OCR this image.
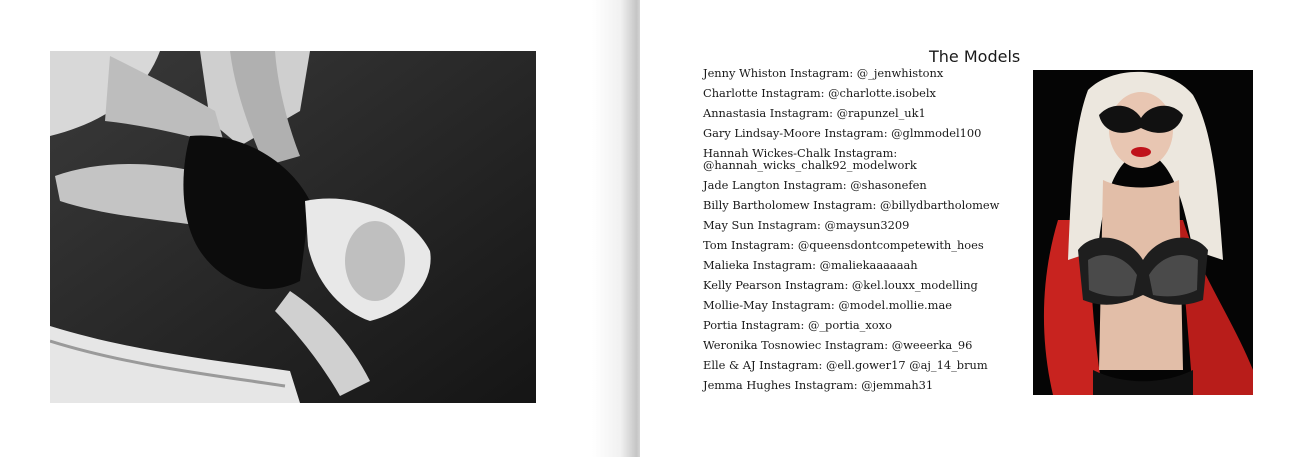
The Models
Jenny Whiston Instagram: @_jenwhistonx
Charlotte Instagram: @charlotte.isobelx
Annastasia Instagram: @rapunzel_uk1
Gary Lindsay-Moore Instagram: @glmmodel100
Hannah Wickes-Chalk Instagram: @hannah_wicks_chalk92_modelwork
Jade Langton Instagram: @shasonefen
Billy Bartholomew Instagram: @billydbartholomew
May Sun Instagram: @maysun3209
Tom Instagram: @queensdontcompetewith_hoes
Malieka Instagram: @maliekaaaaaah
Kelly Pearson Instagram: @kel.louxx_modelling
Mollie-May Instagram: @model.mollie.mae
Portia Instagram: @_portia_xoxo
Weronika Tosnowiec Instagram: @weeerka_96
Elle & AJ Instagram: @ell.gower17 @aj_14_brum
Jemma Hughes Instagram: @jemmah31
